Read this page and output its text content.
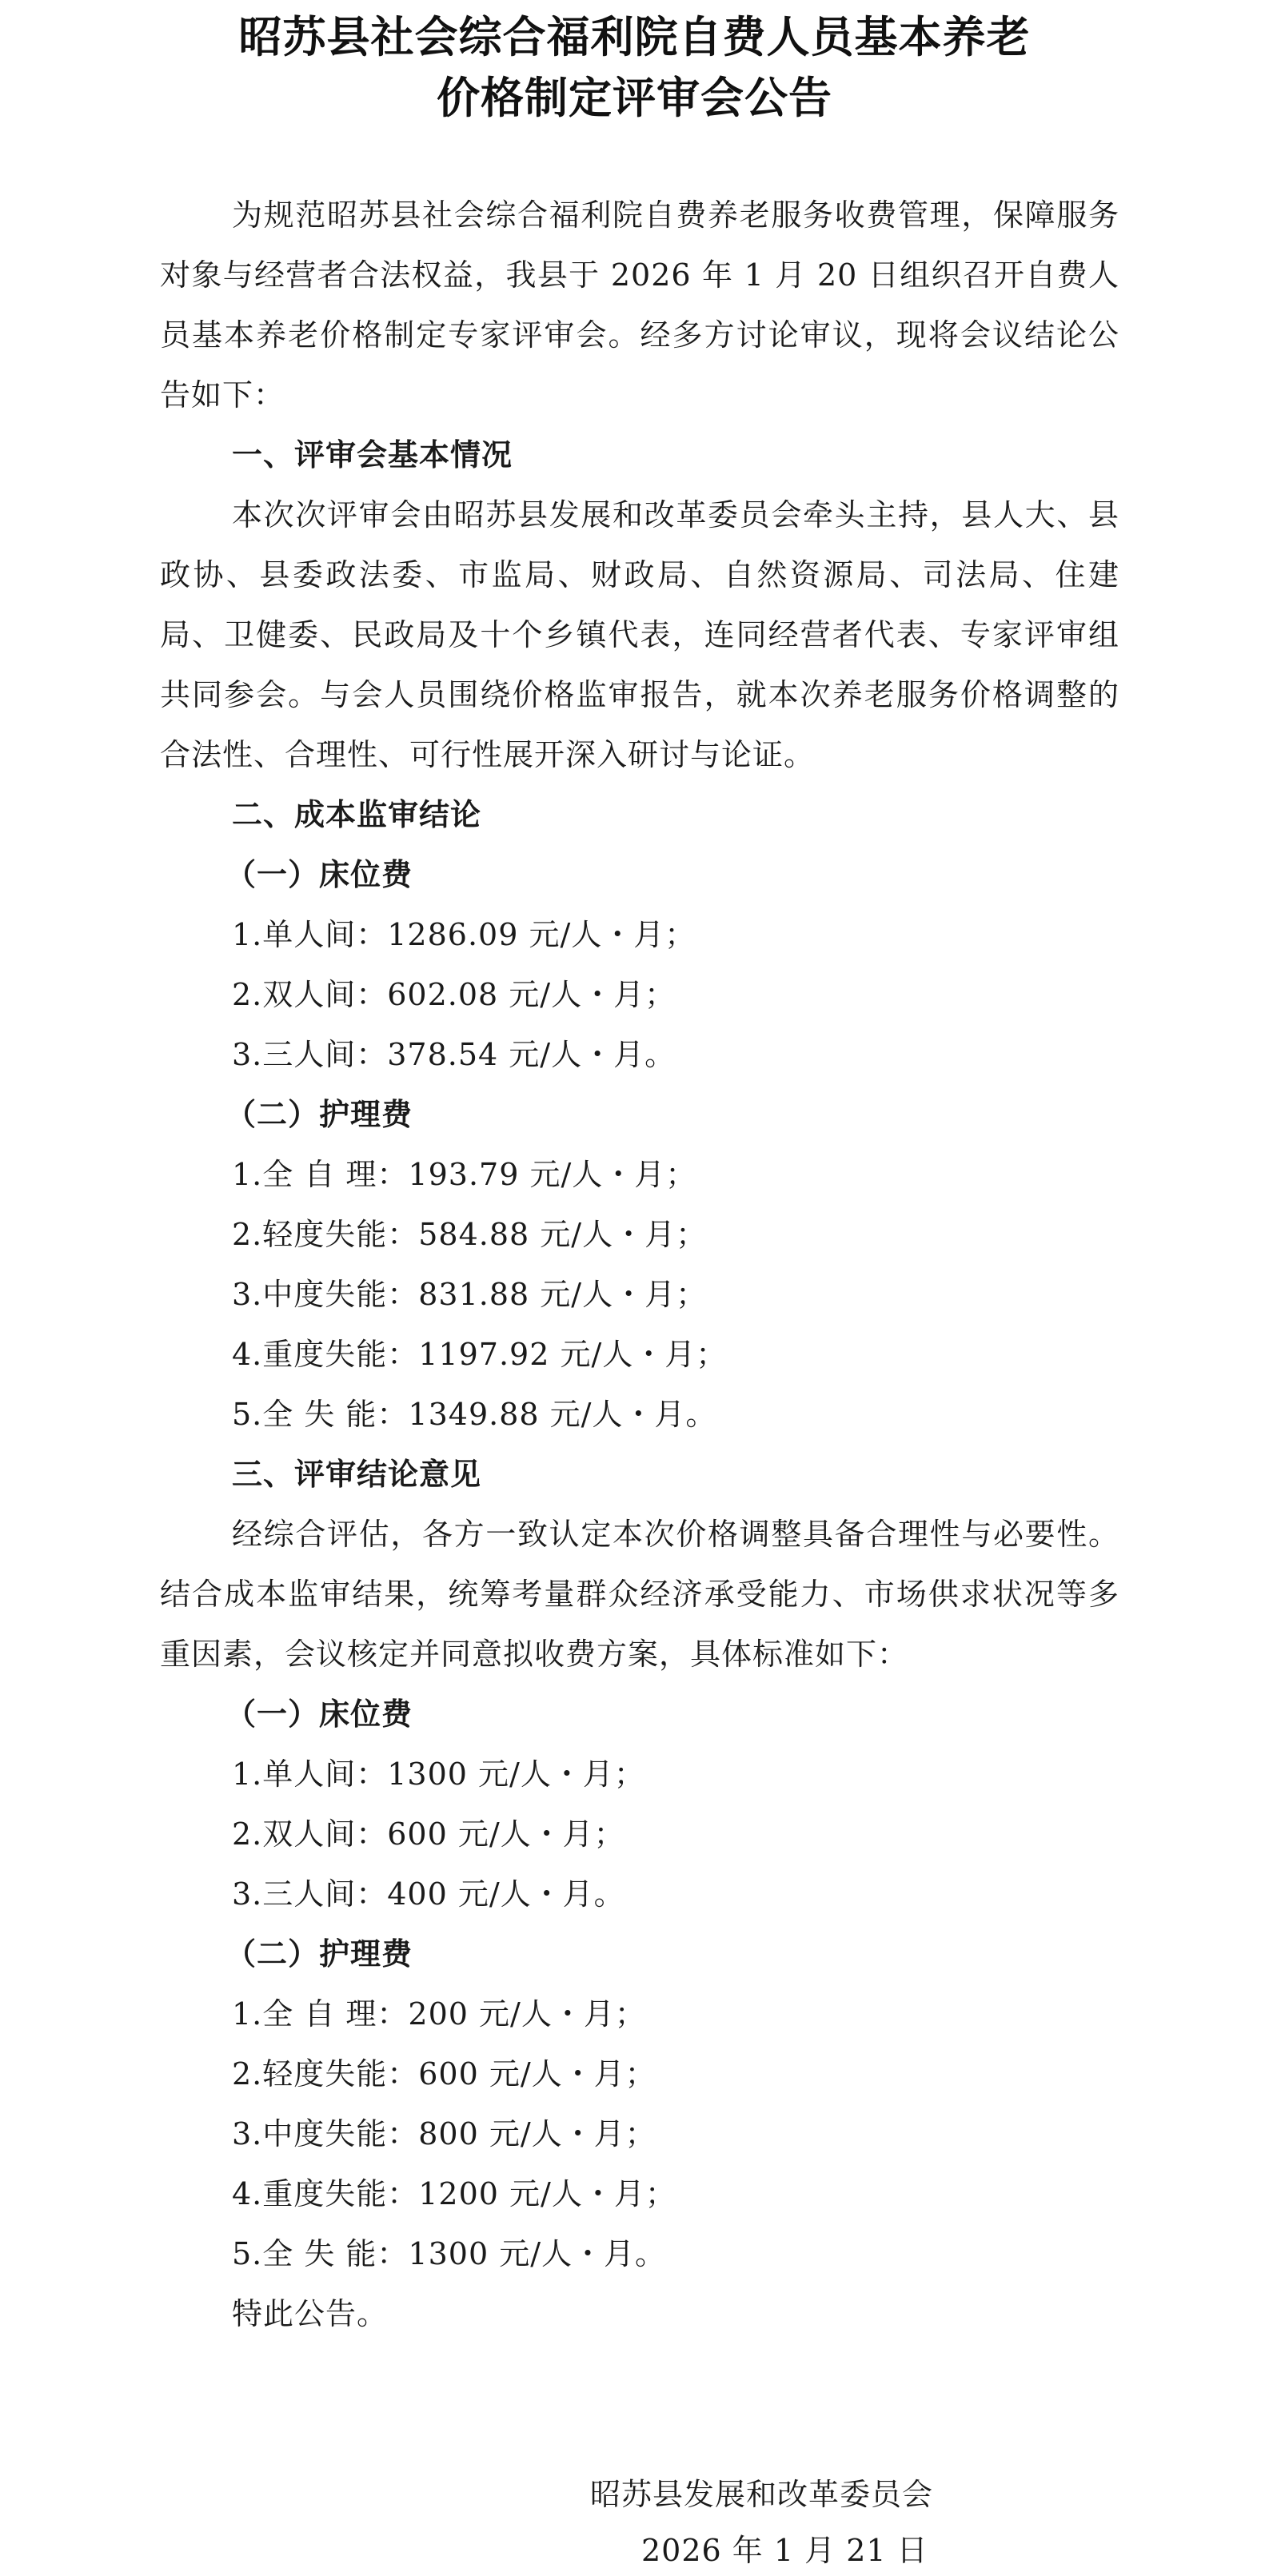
昭苏县社会综合福利院自费人员基本养老
价格制定评审会公告

为规范昭苏县社会综合福利院自费养老服务收费管理，保障服务对象与经营者合法权益，我县于 2026 年 1 月 20 日组织召开自费人员基本养老价格制定专家评审会。经多方讨论审议，现将会议结论公告如下：

一、评审会基本情况

本次次评审会由昭苏县发展和改革委员会牵头主持，县人大、县政协、县委政法委、市监局、财政局、自然资源局、司法局、住建局、卫健委、民政局及十个乡镇代表，连同经营者代表、专家评审组共同参会。与会人员围绕价格监审报告，就本次养老服务价格调整的合法性、合理性、可行性展开深入研讨与论证。

二、成本监审结论

（一）床位费

1.单人间：1286.09 元/人・月；

2.双人间：602.08 元/人・月；

3.三人间：378.54 元/人・月。

（二）护理费

1.全 自 理：193.79 元/人・月；

2.轻度失能：584.88 元/人・月；

3.中度失能：831.88 元/人・月；

4.重度失能：1197.92 元/人・月；

5.全 失 能：1349.88 元/人・月。

三、评审结论意见

经综合评估，各方一致认定本次价格调整具备合理性与必要性。结合成本监审结果，统筹考量群众经济承受能力、市场供求状况等多重因素，会议核定并同意拟收费方案，具体标准如下：

（一）床位费

1.单人间：1300 元/人・月；

2.双人间：600 元/人・月；

3.三人间：400 元/人・月。

（二）护理费

1.全 自 理：200 元/人・月；

2.轻度失能：600 元/人・月；

3.中度失能：800 元/人・月；

4.重度失能：1200 元/人・月；

5.全 失 能：1300 元/人・月。

特此公告。

昭苏县发展和改革委员会
2026 年 1 月 21 日
